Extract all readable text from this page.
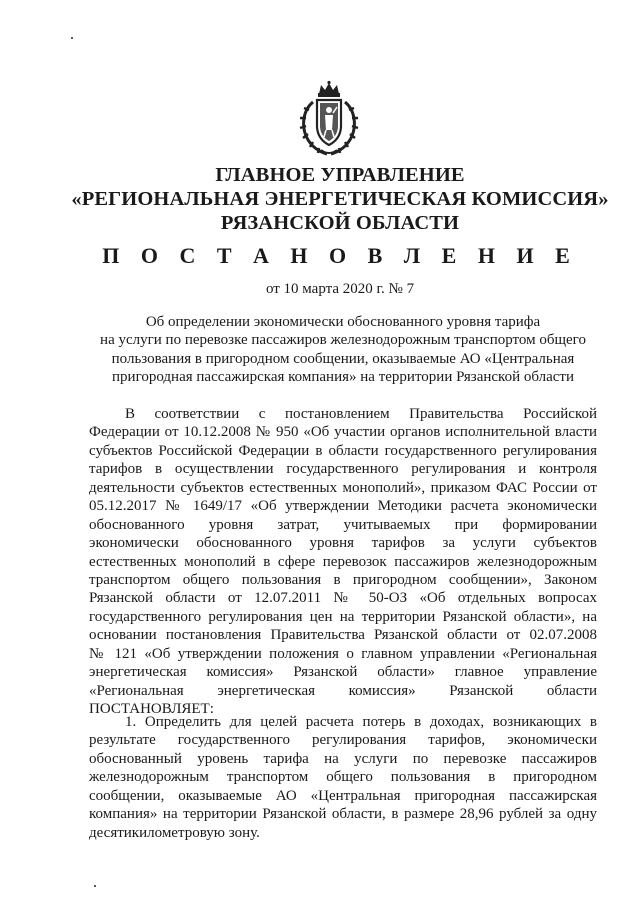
ГЛАВНОЕ УПРАВЛЕНИЕ
«РЕГИОНАЛЬНАЯ ЭНЕРГЕТИЧЕСКАЯ КОМИССИЯ»
РЯЗАНСКОЙ ОБЛАСТИ
П О С Т А Н О В Л Е Н И Е
от 10 марта 2020 г. № 7
Об определении экономически обоснованного уровня тарифа
на услуги по перевозке пассажиров железнодорожным транспортом общего
пользования в пригородном сообщении, оказываемые АО «Центральная
пригородная пассажирская компания» на территории Рязанской области
В соответствии с постановлением Правительства Российской
Федерации от 10.12.2008 № 950 «Об участии органов исполнительной власти
субъектов Российской Федерации в области государственного регулирования
тарифов в осуществлении государственного регулирования и контроля
деятельности субъектов естественных монополий», приказом ФАС России от
05.12.2017 № 1649/17 «Об утверждении Методики расчета экономически
обоснованного уровня затрат, учитываемых при формировании
экономически обоснованного уровня тарифов за услуги субъектов
естественных монополий в сфере перевозок пассажиров железнодорожным
транспортом общего пользования в пригородном сообщении», Законом
Рязанской области от 12.07.2011 № 50-ОЗ «Об отдельных вопросах
государственного регулирования цен на территории Рязанской области», на
основании постановления Правительства Рязанской области от 02.07.2008
№ 121 «Об утверждении положения о главном управлении «Региональная
энергетическая комиссия» Рязанской области» главное управление
«Региональная энергетическая комиссия» Рязанской области
ПОСТАНОВЛЯЕТ:
1. Определить для целей расчета потерь в доходах, возникающих в
результате государственного регулирования тарифов, экономически
обоснованный уровень тарифа на услуги по перевозке пассажиров
железнодорожным транспортом общего пользования в пригородном
сообщении, оказываемые АО «Центральная пригородная пассажирская
компания» на территории Рязанской области, в размере 28,96 рублей за одну
десятикилометровую зону.
